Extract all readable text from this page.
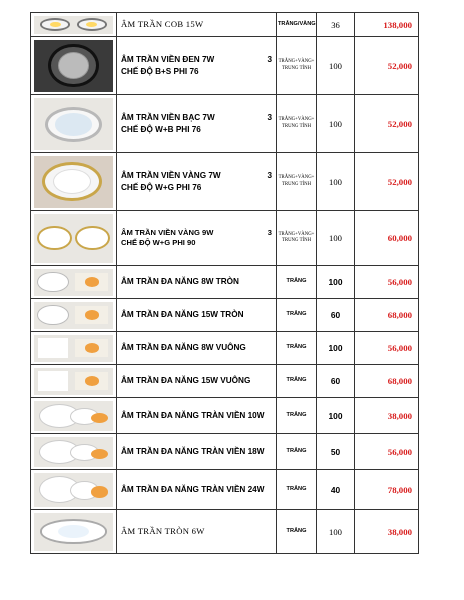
	ÂM TRẦN COB 15W	TRẮNG/VÀNG	36	138,000

	ÂM TRẦN VIỀN ĐEN 7W 3
CHẾ ĐỘ B+S PHI 76	TRẮNG+VÀNG+ TRUNG TÍNH	100	52,000

	ÂM TRẦN VIỀN BẠC 7W 3
CHẾ ĐỘ W+B PHI 76	TRẮNG+VÀNG+ TRUNG TÍNH	100	52,000

	ÂM TRẦN VIỀN VÀNG 7W 3
CHẾ ĐỘ W+G PHI 76	TRẮNG+VÀNG+ TRUNG TÍNH	100	52,000

	ÂM TRẦN VIỀN VÀNG 9W 3
CHẾ ĐỘ W+G PHI 90	TRẮNG+VÀNG+ TRUNG TÍNH	100	60,000

	ÂM TRẦN ĐA NĂNG 8W TRÒN	TRẮNG	100	56,000

	ÂM TRẦN ĐA NĂNG 15W TRÒN	TRẮNG	60	68,000

	ÂM TRẦN ĐA NĂNG 8W VUÔNG	TRẮNG	100	56,000

	ÂM TRẦN ĐA NĂNG 15W VUÔNG	TRẮNG	60	68,000

	ÂM TRẦN ĐA NĂNG TRÀN VIỀN 10W	TRẮNG	100	38,000

	ÂM TRẦN ĐA NĂNG TRÀN VIỀN 18W	TRẮNG	50	56,000

	ÂM TRẦN ĐA NĂNG TRÀN VIỀN 24W	TRẮNG	40	78,000

	ÂM TRẦN TRÒN 6W	TRẮNG	100	38,000
